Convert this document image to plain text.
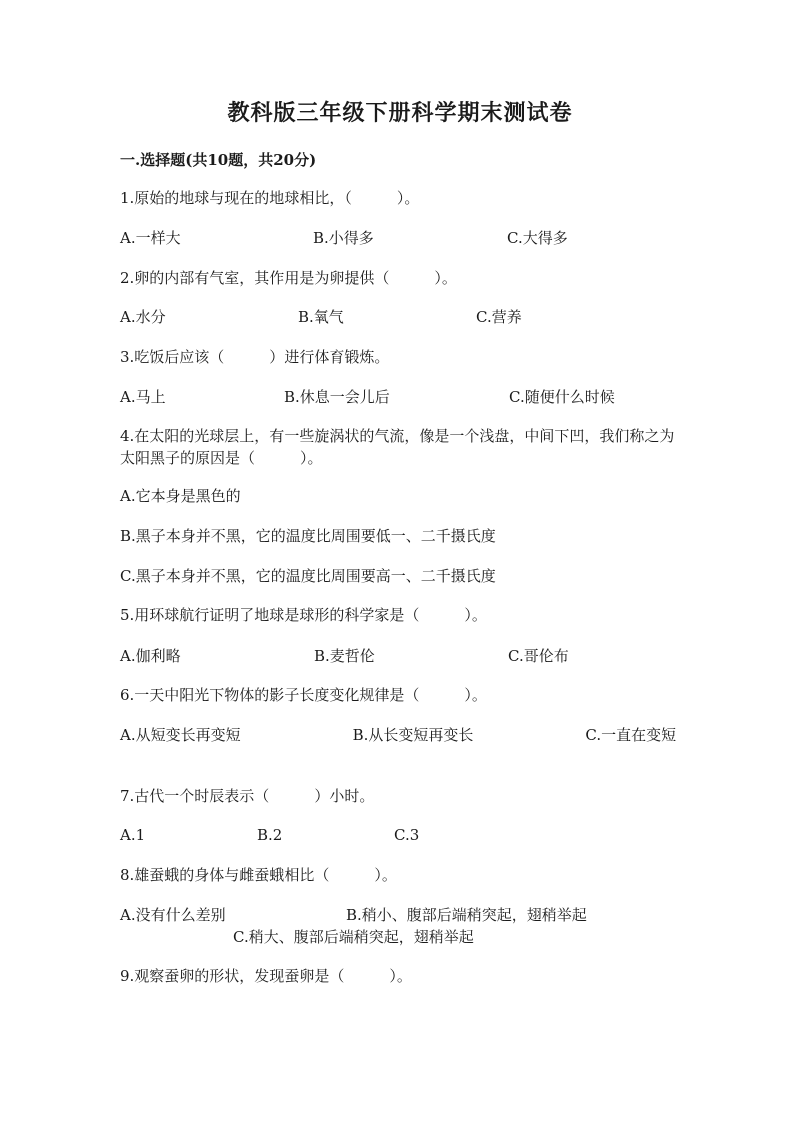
教科版三年级下册科学期末测试卷
一.选择题(共10题，共20分)
1.原始的地球与现在的地球相比，（　　　）。
A.一样大	B.小得多	C.大得多
2.卵的内部有气室，其作用是为卵提供（　　　）。
A.水分	B.氧气	C.营养
3.吃饭后应该（　　　）进行体育锻炼。
A.马上	B.休息一会儿后	C.随便什么时候
4.在太阳的光球层上，有一些旋涡状的气流，像是一个浅盘，中间下凹，我们称之为太阳黑子的原因是（　　　）。
A.它本身是黑色的
B.黑子本身并不黑，它的温度比周围要低一、二千摄氏度
C.黑子本身并不黑，它的温度比周围要高一、二千摄氏度
5.用环球航行证明了地球是球形的科学家是（　　　）。
A.伽利略	B.麦哲伦	C.哥伦布
6.一天中阳光下物体的影子长度变化规律是（　　　）。
A.从短变长再变短	B.从长变短再变长	C.一直在变短
7.古代一个时辰表示（　　　）小时。
A.1	B.2	C.3
8.雄蚕蛾的身体与雌蚕蛾相比（　　　）。
A.没有什么差别	B.稍小、腹部后端稍突起，翅稍举起
C.稍大、腹部后端稍突起，翅稍举起
9.观察蚕卵的形状，发现蚕卵是（　　　）。
